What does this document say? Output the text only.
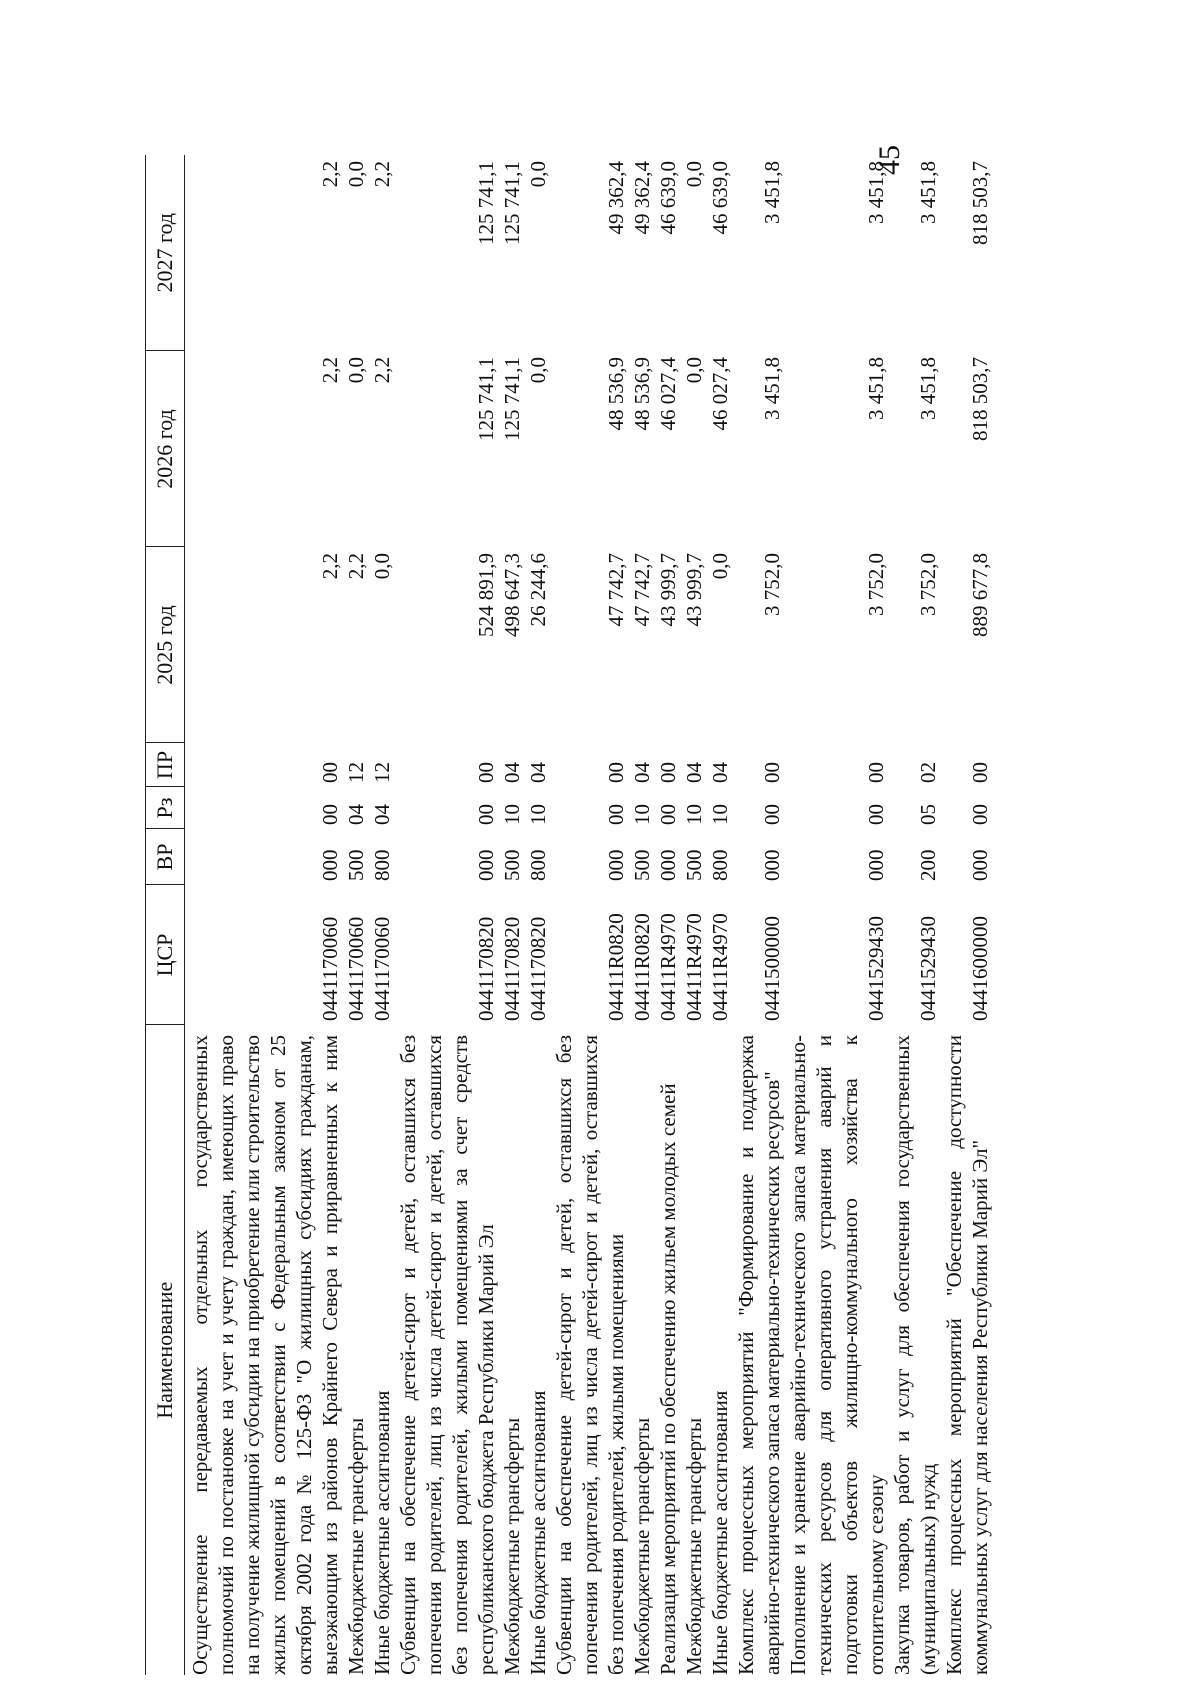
45
Наименование	ЦСР	ВР	Рз	ПР	2025 год	2026 год	2027 год

Осуществление передаваемых отдельных государственных полномочий по постановке на учет и учету граждан, имеющих право на получение жилищной субсидии на приобретение или строительство жилых помещений в соответствии с Федеральным законом от 25 октября 2002 года № 125-ФЗ "О жилищных субсидиях гражданам, выезжающим из районов Крайнего Севера и приравненных к ним	0441170060	000	00	00	2,2	2,2	2,2

Межбюджетные трансферты	0441170060	500	04	12	2,2	0,0	0,0

Иные бюджетные ассигнования	0441170060	800	04	12	0,0	2,2	2,2

Субвенции на обеспечение детей-сирот и детей, оставшихся без попечения родителей, лиц из числа детей-сирот и детей, оставшихся без попечения родителей, жилыми помещениями за счет средств республиканского бюджета Республики Марий Эл	0441170820	000	00	00	524 891,9	125 741,1	125 741,1

Межбюджетные трансферты	0441170820	500	10	04	498 647,3	125 741,1	125 741,1

Иные бюджетные ассигнования	0441170820	800	10	04	26 244,6	0,0	0,0

Субвенции на обеспечение детей-сирот и детей, оставшихся без попечения родителей, лиц из числа детей-сирот и детей, оставшихся без попечения родителей, жилыми помещениями	04411R0820	000	00	00	47 742,7	48 536,9	49 362,4

Межбюджетные трансферты	04411R0820	500	10	04	47 742,7	48 536,9	49 362,4

Реализация мероприятий по обеспечению жильем молодых семей	04411R4970	000	00	00	43 999,7	46 027,4	46 639,0

Межбюджетные трансферты	04411R4970	500	10	04	43 999,7	0,0	0,0

Иные бюджетные ассигнования	04411R4970	800	10	04	0,0	46 027,4	46 639,0

Комплекс процессных мероприятий "Формирование и поддержка аварийно-технического запаса материально-технических ресурсов"	0441500000	000	00	00	3 752,0	3 451,8	3 451,8

Пополнение и хранение аварийно-технического запаса материально-технических ресурсов для оперативного устранения аварий и подготовки объектов жилищно-коммунального хозяйства к отопительному сезону	0441529430	000	00	00	3 752,0	3 451,8	3 451,8

Закупка товаров, работ и услуг для обеспечения государственных (муниципальных) нужд	0441529430	200	05	02	3 752,0	3 451,8	3 451,8

Комплекс процессных мероприятий "Обеспечение доступности коммунальных услуг для населения Республики Марий Эл"	0441600000	000	00	00	889 677,8	818 503,7	818 503,7
